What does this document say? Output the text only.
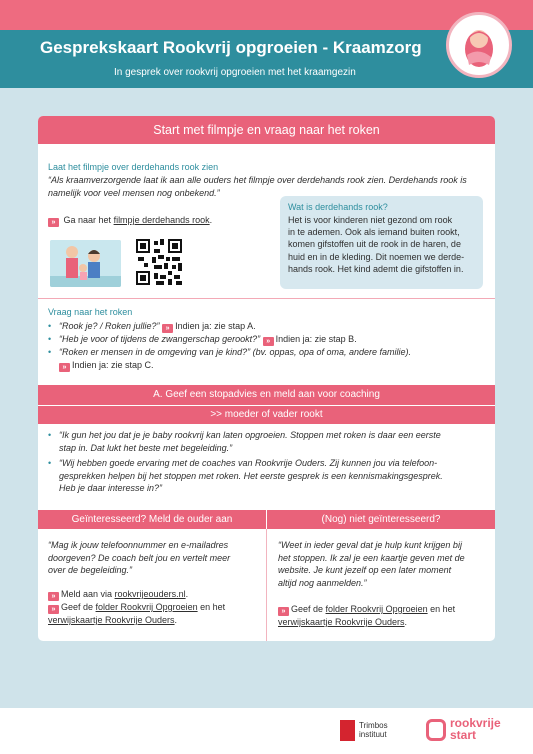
Gesprekskaart Rookvrij opgroeien - Kraamzorg
In gesprek over rookvrij opgroeien met het kraamgezin
Start met filmpje en vraag naar het roken
Laat het filmpje over derdehands rook zien
“Als kraamverzorgende laat ik aan alle ouders het filmpje over derdehands rook zien. Derdehands rook is
namelijk voor veel mensen nog onbekend.”
» Ga naar het filmpje derdehands rook.
Wat is derdehands rook?
Het is voor kinderen niet gezond om rook
in te ademen. Ook als iemand buiten rookt,
komen gifstoffen uit de rook in de haren, de
huid en in de kleding. Dit noemen we derde-
hands rook. Het kind ademt die gifstoffen in.
Vraag naar het roken
• “Rook je? / Roken jullie?” » Indien ja: zie stap A.
• “Heb je voor of tijdens de zwangerschap gerookt?” » Indien ja: zie stap B.
• “Roken er mensen in de omgeving van je kind?” (bv. oppas, opa of oma, andere familie).
» Indien ja: zie stap C.
A. Geef een stopadvies en meld aan voor coaching
>> moeder of vader rookt
• “Ik gun het jou dat je je baby rookvrij kan laten opgroeien. Stoppen met roken is daar een eerste
stap in. Dat lukt het beste met begeleiding.”
• “Wij hebben goede ervaring met de coaches van Rookvrije Ouders. Zij kunnen jou via telefoon-
gesprekken helpen bij het stoppen met roken. Het eerste gesprek is een kennismakingsgesprek.
Heb je daar interesse in?”
Geïnteresseerd? Meld de ouder aan	(Nog) niet geïnteresseerd?
“Mag ik jouw telefoonnummer en e-mailadres
doorgeven? De coach belt jou en vertelt meer
over de begeleiding.”
» Meld aan via rookvrijeouders.nl.
» Geef de folder Rookvrij Opgroeien en het
verwijskaartje Rookvrije Ouders.
“Weet in ieder geval dat je hulp kunt krijgen bij
het stoppen. Ik zal je een kaartje geven met de
website. Je kunt jezelf op een later moment
altijd nog aanmelden.”
» Geef de folder Rookvrij Opgroeien en het
verwijskaartje Rookvrije Ouders.
Trimbos
instituut
rookvrije
start
